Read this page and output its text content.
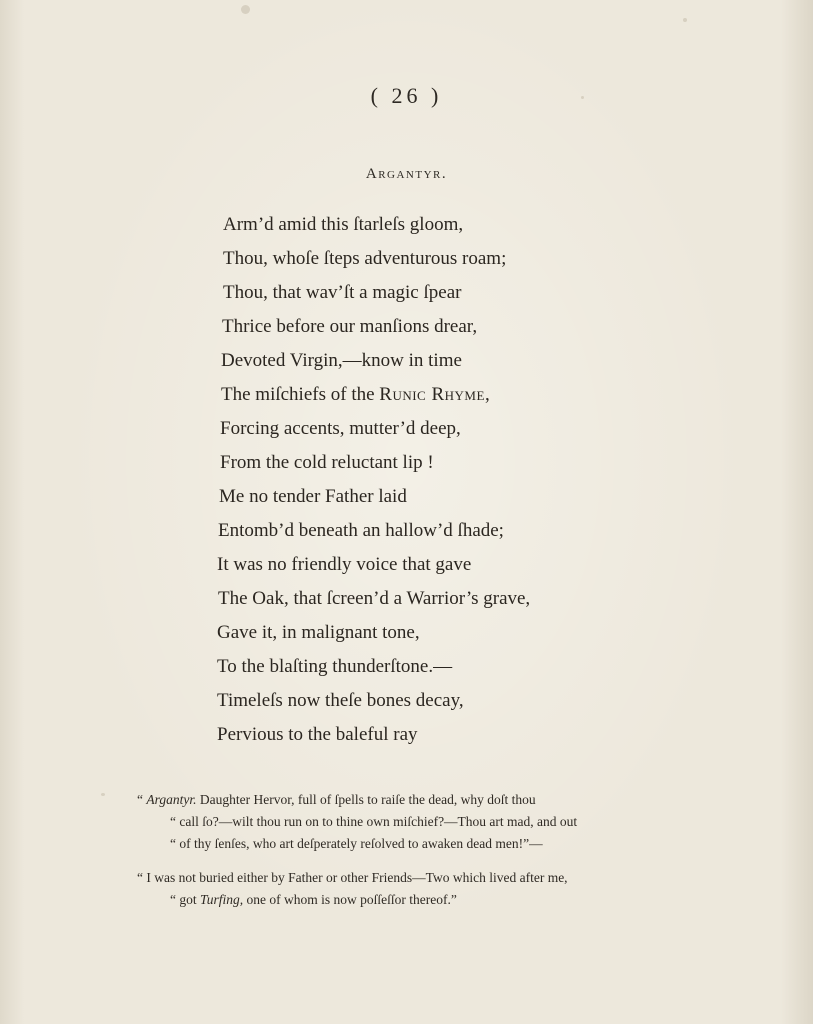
( 26 )
Argantyr.
Arm’d amid this ſtarleſs gloom,
Thou, whoſe ſteps adventurous roam;
Thou, that wav’ſt a magic ſpear
Thrice before our manſions drear,
Devoted Virgin,—know in time
The miſchiefs of the Runic Rhyme,
Forcing accents, mutter’d deep,
From the cold reluctant lip !
Me no tender Father laid
Entomb’d beneath an hallow’d ſhade;
It was no friendly voice that gave
The Oak, that ſcreen’d a Warrior’s grave,
Gave it, in malignant tone,
To the blaſting thunderſtone.—
Timeleſs now theſe bones decay,
Pervious to the baleful ray
“ Argantyr. Daughter Hervor, full of ſpells to raiſe the dead, why doſt thou
“ call ſo?—wilt thou run on to thine own miſchief?—Thou art mad, and out
“ of thy ſenſes, who art deſperately reſolved to awaken dead men!”—
“ I was not buried either by Father or other Friends—Two which lived after me,
“ got Turfing, one of whom is now poſſeſſor thereof.”
